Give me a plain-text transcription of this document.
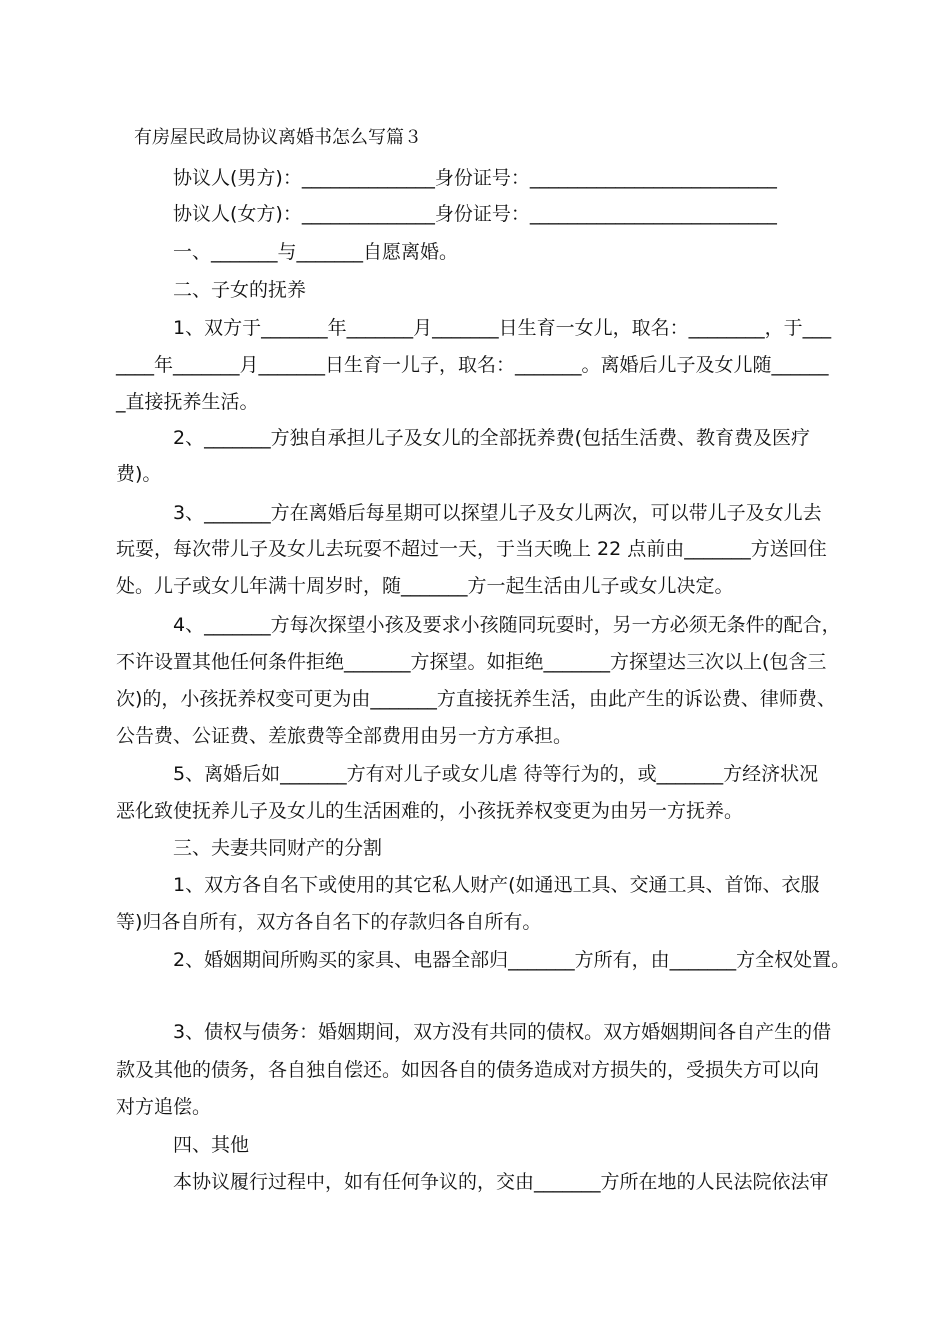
有房屋民政局协议离婚书怎么写篇３
协议人(男方)：______________身份证号：__________________________
协议人(女方)：______________身份证号：__________________________
一、_______与_______自愿离婚。
二、子女的抚养
1、双方于_______年_______月_______日生育一女儿，取名：________，于___
____年_______月_______日生育一儿子，取名：_______。离婚后儿子及女儿随______
_直接抚养生活。
2、_______方独自承担儿子及女儿的全部抚养费(包括生活费、教育费及医疗
费)。
3、_______方在离婚后每星期可以探望儿子及女儿两次，可以带儿子及女儿去
玩耍，每次带儿子及女儿去玩耍不超过一天，于当天晚上 22 点前由_______方送回住
处。儿子或女儿年满十周岁时，随_______方一起生活由儿子或女儿决定。
4、_______方每次探望小孩及要求小孩随同玩耍时，另一方必须无条件的配合，
不许设置其他任何条件拒绝_______方探望。如拒绝_______方探望达三次以上(包含三
次)的，小孩抚养权变可更为由_______方直接抚养生活，由此产生的诉讼费、律师费、
公告费、公证费、差旅费等全部费用由另一方方承担。
5、离婚后如_______方有对儿子或女儿虐 待等行为的，或_______方经济状况
恶化致使抚养儿子及女儿的生活困难的，小孩抚养权变更为由另一方抚养。
三、夫妻共同财产的分割
1、双方各自名下或使用的其它私人财产(如通迅工具、交通工具、首饰、衣服
等)归各自所有，双方各自名下的存款归各自所有。
2、婚姻期间所购买的家具、电器全部归_______方所有，由_______方全权处置。
3、债权与债务：婚姻期间，双方没有共同的债权。双方婚姻期间各自产生的借
款及其他的债务，各自独自偿还。如因各自的债务造成对方损失的，受损失方可以向
对方追偿。
四、其他
本协议履行过程中，如有任何争议的，交由_______方所在地的人民法院依法审
